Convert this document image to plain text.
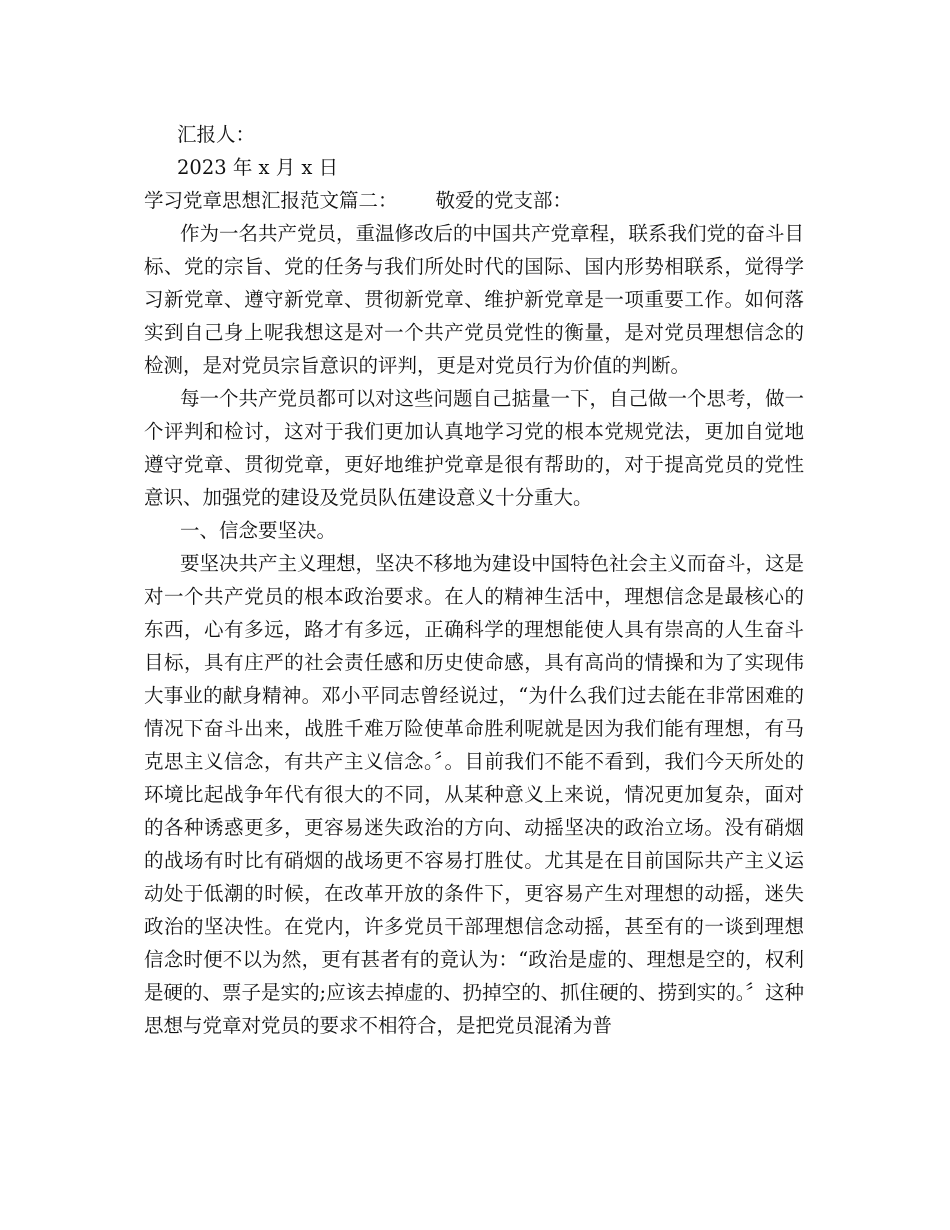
汇报人：
2023 年 x 月 x 日
学习党章思想汇报范文篇二： 敬爱的党支部：

作为一名共产党员，重温修改后的中国共产党章程，联系我们党的奋斗目标、党的宗旨、党的任务与我们所处时代的国际、国内形势相联系，觉得学习新党章、遵守新党章、贯彻新党章、维护新党章是一项重要工作。如何落实到自己身上呢我想这是对一个共产党员党性的衡量，是对党员理想信念的检测，是对党员宗旨意识的评判，更是对党员行为价值的判断。

每一个共产党员都可以对这些问题自己掂量一下，自己做一个思考，做一个评判和检讨，这对于我们更加认真地学习党的根本党规党法，更加自觉地遵守党章、贯彻党章，更好地维护党章是很有帮助的，对于提高党员的党性意识、加强党的建设及党员队伍建设意义十分重大。

一、信念要坚决。

要坚决共产主义理想，坚决不移地为建设中国特色社会主义而奋斗，这是对一个共产党员的根本政治要求。在人的精神生活中，理想信念是最核心的东西，心有多远，路才有多远，正确科学的理想能使人具有崇高的人生奋斗目标，具有庄严的社会责任感和历史使命感，具有高尚的情操和为了实现伟大事业的献身精神。邓小平同志曾经说过，“为什么我们过去能在非常困难的情况下奋斗出来，战胜千难万险使革命胜利呢就是因为我们能有理想，有马克思主义信念，有共产主义信念。〞。目前我们不能不看到，我们今天所处的环境比起战争年代有很大的不同，从某种意义上来说，情况更加复杂，面对的各种诱惑更多，更容易迷失政治的方向、动摇坚决的政治立场。没有硝烟的战场有时比有硝烟的战场更不容易打胜仗。尤其是在目前国际共产主义运动处于低潮的时候，在改革开放的条件下，更容易产生对理想的动摇，迷失政治的坚决性。在党内，许多党员干部理想信念动摇，甚至有的一谈到理想信念时便不以为然，更有甚者有的竟认为：“政治是虚的、理想是空的，权利是硬的、票子是实的;应该去掉虚的、扔掉空的、抓住硬的、捞到实的。〞这种思想与党章对党员的要求不相符合，是把党员混淆为普
